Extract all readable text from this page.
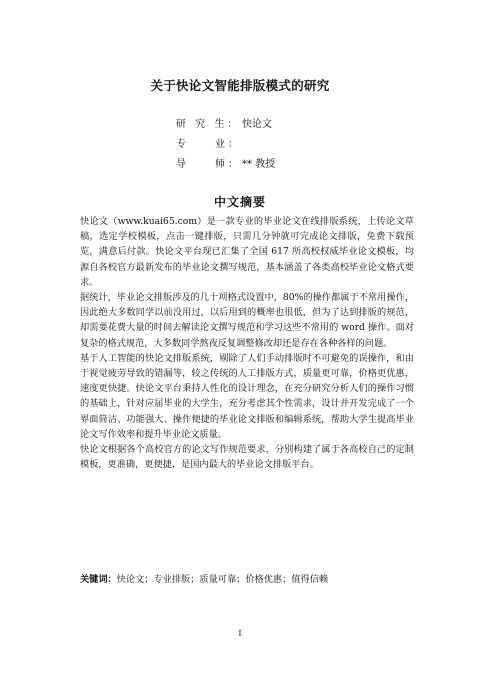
关于快论文智能排版模式的研究
研 究 生： 快论文
专　　业：
导　　师： ** 教授
中文摘要

快论文（www.kuai65.com）是一款专业的毕业论文在线排版系统，上传论文草稿，选定学校模板，点击一键排版，只需几分钟就可完成论文排版，免费下载预览，满意后付款。快论文平台现已汇集了全国 617 所高校权威毕业论文模板，均源自各校官方最新发布的毕业论文撰写规范，基本涵盖了各类高校毕业论文格式要求。

据统计，毕业论文排版涉及的几十项格式设置中，80%的操作都属于不常用操作，因此绝大多数同学以前没用过，以后用到的概率也很低，但为了达到排版的规范，却需要花费大量的时间去解读论文撰写规范和学习这些不常用的 word 操作。面对复杂的格式规范，大多数同学熬夜反复调整修改却还是存在各种各样的问题。

基于人工智能的快论文排版系统，剔除了人们手动排版时不可避免的误操作，和由于视觉疲劳导致的错漏等，较之传统的人工排版方式，质量更可靠，价格更优惠，速度更快捷。快论文平台秉持人性化的设计理念，在充分研究分析人们的操作习惯的基础上，针对应届毕业的大学生，充分考虑其个性需求，设计并开发完成了一个界面简洁、功能强大、操作便捷的毕业论文排版和编辑系统，帮助大学生提高毕业论文写作效率和提升毕业论文质量。

快论文根据各个高校官方的论文写作规范要求，分别构建了属于各高校自己的定制模板，更准确，更便捷，是国内最大的毕业论文排版平台。

关键词：快论文；专业排版；质量可靠；价格优惠；值得信赖
I
